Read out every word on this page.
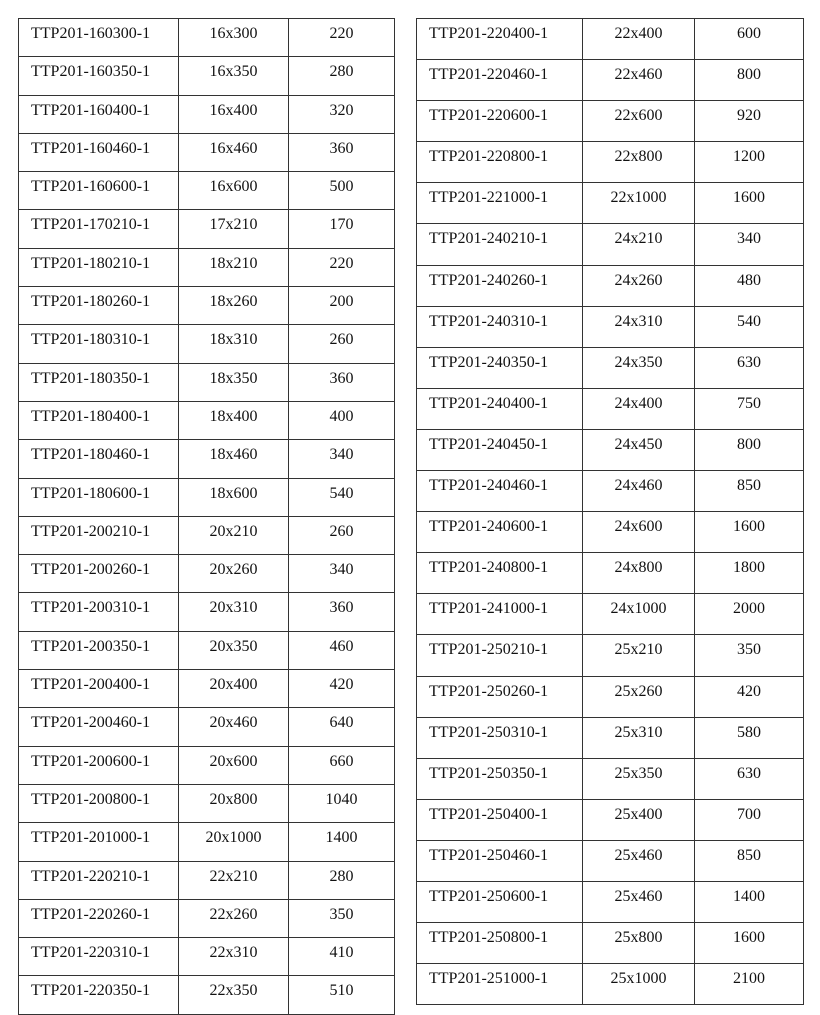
TTP201-160300-1	16x300	220
TTP201-160350-1	16x350	280
TTP201-160400-1	16x400	320
TTP201-160460-1	16x460	360
TTP201-160600-1	16x600	500
TTP201-170210-1	17x210	170
TTP201-180210-1	18x210	220
TTP201-180260-1	18x260	200
TTP201-180310-1	18x310	260
TTP201-180350-1	18x350	360
TTP201-180400-1	18x400	400
TTP201-180460-1	18x460	340
TTP201-180600-1	18x600	540
TTP201-200210-1	20x210	260
TTP201-200260-1	20x260	340
TTP201-200310-1	20x310	360
TTP201-200350-1	20x350	460
TTP201-200400-1	20x400	420
TTP201-200460-1	20x460	640
TTP201-200600-1	20x600	660
TTP201-200800-1	20x800	1040
TTP201-201000-1	20x1000	1400
TTP201-220210-1	22x210	280
TTP201-220260-1	22x260	350
TTP201-220310-1	22x310	410
TTP201-220350-1	22x350	510
TTP201-220400-1	22x400	600
TTP201-220460-1	22x460	800
TTP201-220600-1	22x600	920
TTP201-220800-1	22x800	1200
TTP201-221000-1	22x1000	1600
TTP201-240210-1	24x210	340
TTP201-240260-1	24x260	480
TTP201-240310-1	24x310	540
TTP201-240350-1	24x350	630
TTP201-240400-1	24x400	750
TTP201-240450-1	24x450	800
TTP201-240460-1	24x460	850
TTP201-240600-1	24x600	1600
TTP201-240800-1	24x800	1800
TTP201-241000-1	24x1000	2000
TTP201-250210-1	25x210	350
TTP201-250260-1	25x260	420
TTP201-250310-1	25x310	580
TTP201-250350-1	25x350	630
TTP201-250400-1	25x400	700
TTP201-250460-1	25x460	850
TTP201-250600-1	25x460	1400
TTP201-250800-1	25x800	1600
TTP201-251000-1	25x1000	2100
